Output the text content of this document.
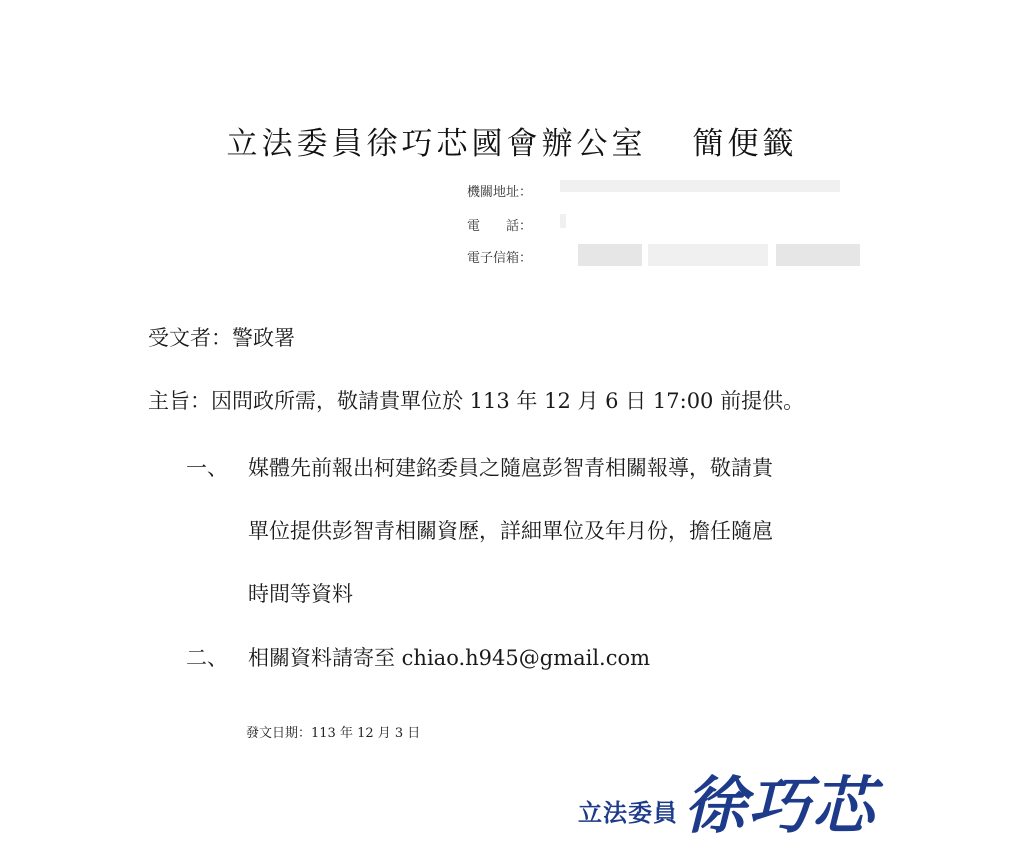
立法委員徐巧芯國會辦公室 簡便籤
機關地址：
電　　話：
電子信箱：
受文者：警政署
主旨：因問政所需，敬請貴單位於 113 年 12 月 6 日 17:00 前提供。
一、 媒體先前報出柯建銘委員之隨扈彭智青相關報導，敬請貴
單位提供彭智青相關資歷，詳細單位及年月份，擔任隨扈
時間等資料
二、 相關資料請寄至 chiao.h945@gmail.com
發文日期：113 年 12 月 3 日
立法委員徐巧芯
